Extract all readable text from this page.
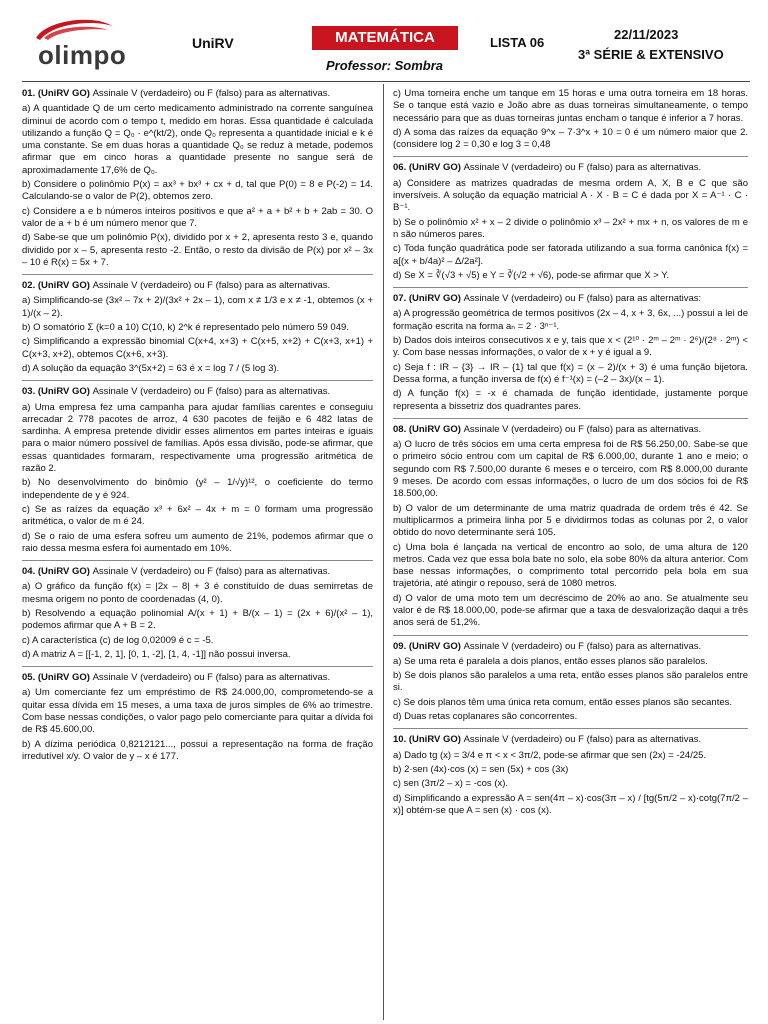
olimpo	UniRV	MATEMÁTICA
Professor: Sombra
LISTA 06
22/11/2023
3ª SÉRIE & EXTENSIVO
01. (UniRV GO) Assinale V (verdadeiro) ou F (falso) para as alternativas.
a) A quantidade Q de um certo medicamento administrado na corrente sanguínea diminui de acordo com o tempo t, medido em horas. Essa quantidade é calculada utilizando a função Q = Q₀ · e^(kt/2), onde Q₀ representa a quantidade inicial e k é uma constante. Se em duas horas a quantidade Q₀ se reduz à metade, podemos afirmar que em cinco horas a quantidade presente no sangue será de aproximadamente 17,6% de Q₀.
b) Considere o polinômio P(x) = ax³ + bx³ + cx + d, tal que P(0) = 8 e P(-2) = 14. Calculando-se o valor de P(2), obtemos zero.
c) Considere a e b números inteiros positivos e que a² + a + b² + b + 2ab = 30. O valor de a + b é um número menor que 7.
d) Sabe-se que um polinômio P(x), dividido por x + 2, apresenta resto 3 e, quando dividido por x – 5, apresenta resto -2. Então, o resto da divisão de P(x) por x² – 3x – 10 é R(x) = 5x + 7.
02. (UniRV GO) Assinale V (verdadeiro) ou F (falso) para as alternativas.
a) Simplificando-se (3x² – 7x + 2)/(3x² + 2x – 1), com x ≠ 1/3 e x ≠ -1, obtemos (x + 1)/(x – 2).
b) O somatório Σ (k=0 a 10) C(10, k) 2^k é representado pelo número 59 049.
c) Simplificando a expressão binomial C(x+4, x+3) + C(x+5, x+2) + C(x+3, x+1) + C(x+3, x+2), obtemos C(x+6, x+3).
d) A solução da equação 3^(5x+2) = 63 é x = log 7 / (5 log 3).
03. (UniRV GO) Assinale V (verdadeiro) ou F (falso) para as alternativas.
a) Uma empresa fez uma campanha para ajudar famílias carentes e conseguiu arrecadar 2 778 pacotes de arroz, 4 630 pacotes de feijão e 6 482 latas de sardinha. A empresa pretende dividir esses alimentos em partes inteiras e iguais para o maior número possível de famílias. Após essa divisão, pode-se afirmar, que essas quantidades formaram, respectivamente uma progressão aritmética de razão 2.
b) No desenvolvimento do binômio (y² – 1/√y)¹², o coeficiente do termo independente de y é 924.
c) Se as raízes da equação x³ + 6x² – 4x + m = 0 formam uma progressão aritmética, o valor de m é 24.
d) Se o raio de uma esfera sofreu um aumento de 21%, podemos afirmar que o raio dessa mesma esfera foi aumentado em 10%.
04. (UniRV GO) Assinale V (verdadeiro) ou F (falso) para as alternativas.
a) O gráfico da função f(x) = |2x – 8| + 3 é constituído de duas semirretas de mesma origem no ponto de coordenadas (4, 0).
b) Resolvendo a equação polinomial A/(x + 1) + B/(x – 1) = (2x + 6)/(x² – 1), podemos afirmar que A + B = 2.
c) A característica (c) de log 0,02009 é c = -5.
d) A matriz A = [[-1, 2, 1], [0, 1, -2], [1, 4, -1]] não possui inversa.
05. (UniRV GO) Assinale V (verdadeiro) ou F (falso) para as alternativas.
a) Um comerciante fez um empréstimo de R$ 24.000,00, comprometendo-se a quitar essa dívida em 15 meses, a uma taxa de juros simples de 6% ao trimestre. Com base nessas condições, o valor pago pelo comerciante para quitar a dívida foi de R$ 45.600,00.
b) A dízima periódica 0,8212121..., possui a representação na forma de fração irredutível x/y. O valor de y – x é 177.
c) Uma torneira enche um tanque em 15 horas e uma outra torneira em 18 horas. Se o tanque está vazio e João abre as duas torneiras simultaneamente, o tempo necessário para que as duas torneiras juntas encham o tanque é inferior a 7 horas.
d) A soma das raízes da equação 9^x – 7·3^x + 10 = 0 é um número maior que 2. (considere log 2 = 0,30 e log 3 = 0,48
06. (UniRV GO) Assinale V (verdadeiro) ou F (falso) para as alternativas.
a) Considere as matrizes quadradas de mesma ordem A, X, B e C que são inversíveis. A solução da equação matricial A · X · B = C é dada por X = A⁻¹ · C · B⁻¹.
b) Se o polinômio x² + x – 2 divide o polinômio x³ – 2x² + mx + n, os valores de m e n são números pares.
c) Toda função quadrática pode ser fatorada utilizando a sua forma canônica f(x) = a[(x + b/4a)² – Δ/2a²].
d) Se X = ∛(√3 + √5) e Y = ∛(√2 + √6), pode-se afirmar que X > Y.
07. (UniRV GO) Assinale V (verdadeiro) ou F (falso) para as alternativas:
a) A progressão geométrica de termos positivos (2x – 4, x + 3, 6x, ...) possui a lei de formação escrita na forma aₙ = 2 · 3ⁿ⁻¹.
b) Dados dois inteiros consecutivos x e y, tais que x < (2¹⁰ · 2ᵐ – 2ᵐ · 2⁶)/(2⁸ · 2ᵐ) < y. Com base nessas informações, o valor de x + y é igual a 9.
c) Seja f : IR – {3} → IR – {1} tal que f(x) = (x – 2)/(x + 3) é uma função bijetora. Dessa forma, a função inversa de f(x) é f⁻¹(x) = (–2 – 3x)/(x – 1).
d) A função f(x) = -x é chamada de função identidade, justamente porque representa a bissetriz dos quadrantes pares.
08. (UniRV GO) Assinale V (verdadeiro) ou F (falso) para as alternativas.
a) O lucro de três sócios em uma certa empresa foi de R$ 56.250,00. Sabe-se que o primeiro sócio entrou com um capital de R$ 6.000,00, durante 1 ano e meio; o segundo com R$ 7.500,00 durante 6 meses e o terceiro, com R$ 8.000,00 durante 9 meses. De acordo com essas informações, o lucro de um dos sócios foi de R$ 18.500,00.
b) O valor de um determinante de uma matriz quadrada de ordem três é 42. Se multiplicarmos a primeira linha por 5 e dividirmos todas as colunas por 2, o valor obtido do novo determinante será 105.
c) Uma bola é lançada na vertical de encontro ao solo, de uma altura de 120 metros. Cada vez que essa bola bate no solo, ela sobe 80% da altura anterior. Com base nessas informações, o comprimento total percorrido pela bola em sua trajetória, até atingir o repouso, será de 1080 metros.
d) O valor de uma moto tem um decréscimo de 20% ao ano. Se atualmente seu valor é de R$ 18.000,00, pode-se afirmar que a taxa de desvalorização daqui a três anos será de 51,2%.
09. (UniRV GO) Assinale V (verdadeiro) ou F (falso) para as alternativas.
a) Se uma reta é paralela a dois planos, então esses planos são paralelos.
b) Se dois planos são paralelos a uma reta, então esses planos são paralelos entre si.
c) Se dois planos têm uma única reta comum, então esses planos são secantes.
d) Duas retas coplanares são concorrentes.
10. (UniRV GO) Assinale V (verdadeiro) ou F (falso) para as alternativas.
a) Dado tg (x) = 3/4 e π < x < 3π/2, pode-se afirmar que sen (2x) = -24/25.
b) 2·sen (4x)·cos (x) = sen (5x) + cos (3x)
c) sen (3π/2 – x) = -cos (x).
d) Simplificando a expressão A = sen(4π – x)·cos(3π – x) / [tg(5π/2 – x)·cotg(7π/2 – x)] obtém-se que A = sen (x) · cos (x).
